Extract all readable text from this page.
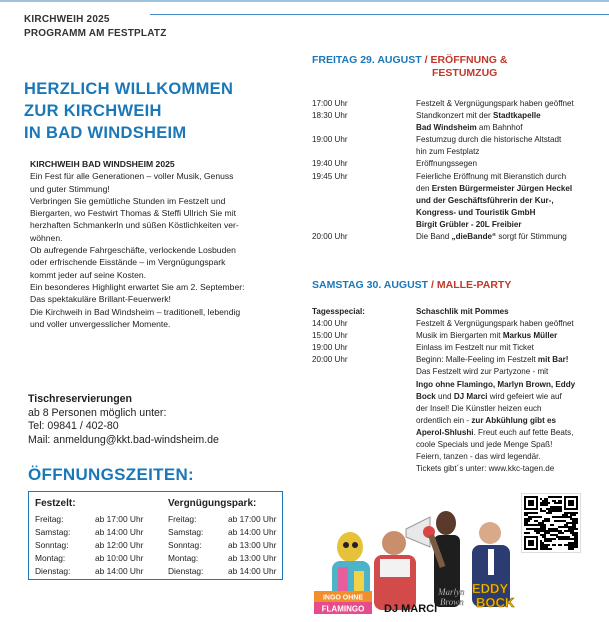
KIRCHWEIH 2025
PROGRAMM AM FESTPLATZ
HERZLICH WILLKOMMEN
ZUR KIRCHWEIH
IN BAD WINDSHEIM
KIRCHWEIH BAD WINDSHEIM 2025
Ein Fest für alle Generationen – voller Musik, Genuss
und guter Stimmung!
Verbringen Sie gemütliche Stunden im Festzelt und
Biergarten, wo Festwirt Thomas & Steffi Ullrich Sie mit
herzhaften Schmankerln und süßen Köstlichkeiten ver-
wöhnen.
Ob aufregende Fahrgeschäfte, verlockende Losbuden
oder erfrischende Eisstände – im Vergnügungspark
kommt jeder auf seine Kosten.
Ein besonderes Highlight erwartet Sie am 2. September:
Das spektakuläre Brillant-Feuerwerk!
Die Kirchweih in Bad Windsheim – traditionell, lebendig
und voller unvergesslicher Momente.
Tischreservierungen
ab 8 Personen möglich unter:
Tel: 09841 / 402-80
Mail: anmeldung@kkt.bad-windsheim.de
ÖFFNUNGSZEITEN:
Festzelt:
Freitag:	ab 17:00 Uhr
Samstag:	ab 14:00 Uhr
Sonntag:	ab 12:00 Uhr
Montag:	ab 10:00 Uhr
Dienstag:	ab 14:00 Uhr
Vergnügungspark:
Freitag:	ab 17:00 Uhr
Samstag:	ab 14:00 Uhr
Sonntag:	ab 13:00 Uhr
Montag:	ab 13:00 Uhr
Dienstag:	ab 14:00 Uhr
FREITAG 29. AUGUST / ERÖFFNUNG &
FESTUMZUG
17:00 Uhr	Festzelt & Vergnügungspark haben geöffnet
18:30 Uhr	Standkonzert mit der Stadtkapelle
Bad Windsheim am Bahnhof
19:00 Uhr	Festumzug durch die historische Altstadt
hin zum Festplatz
19:40 Uhr	Eröffnungssegen
19:45 Uhr	Feierliche Eröffnung mit Bieranstich durch
den Ersten Bürgermeister Jürgen Heckel
und der Geschäftsführerin der Kur-,
Kongress- und Touristik GmbH
Birgit Grübler - 20L Freibier
20:00 Uhr	Die Band „dieBande“ sorgt für Stimmung
SAMSTAG 30. AUGUST / MALLE-PARTY
Tagesspecial:	Schaschlik mit Pommes
14:00 Uhr	Festzelt & Vergnügungspark haben geöffnet
15:00 Uhr	Musik im Biergarten mit Markus Müller
19:00 Uhr	Einlass im Festzelt nur mit Ticket
20:00 Uhr	Beginn: Malle-Feeling im Festzelt mit Bar!
Das Festzelt wird zur Partyzone - mit
Ingo ohne Flamingo, Marlyn Brown, Eddy
Bock und DJ Marci wird gefeiert wie auf
der Insel! Die Künstler heizen euch
ordentlich ein - zur Abkühlung gibt es
Aperol-Shlushi. Freut euch auf fette Beats,
coole Specials und jede Menge Spaß!
Feiern, tanzen - das wird legendär.
Tickets gibt´s unter: www.kkc-tagen.de
INGO OHNE
FLAMINGO DJ MARCI
Marlyn
Brown
EDDY
BOCK
